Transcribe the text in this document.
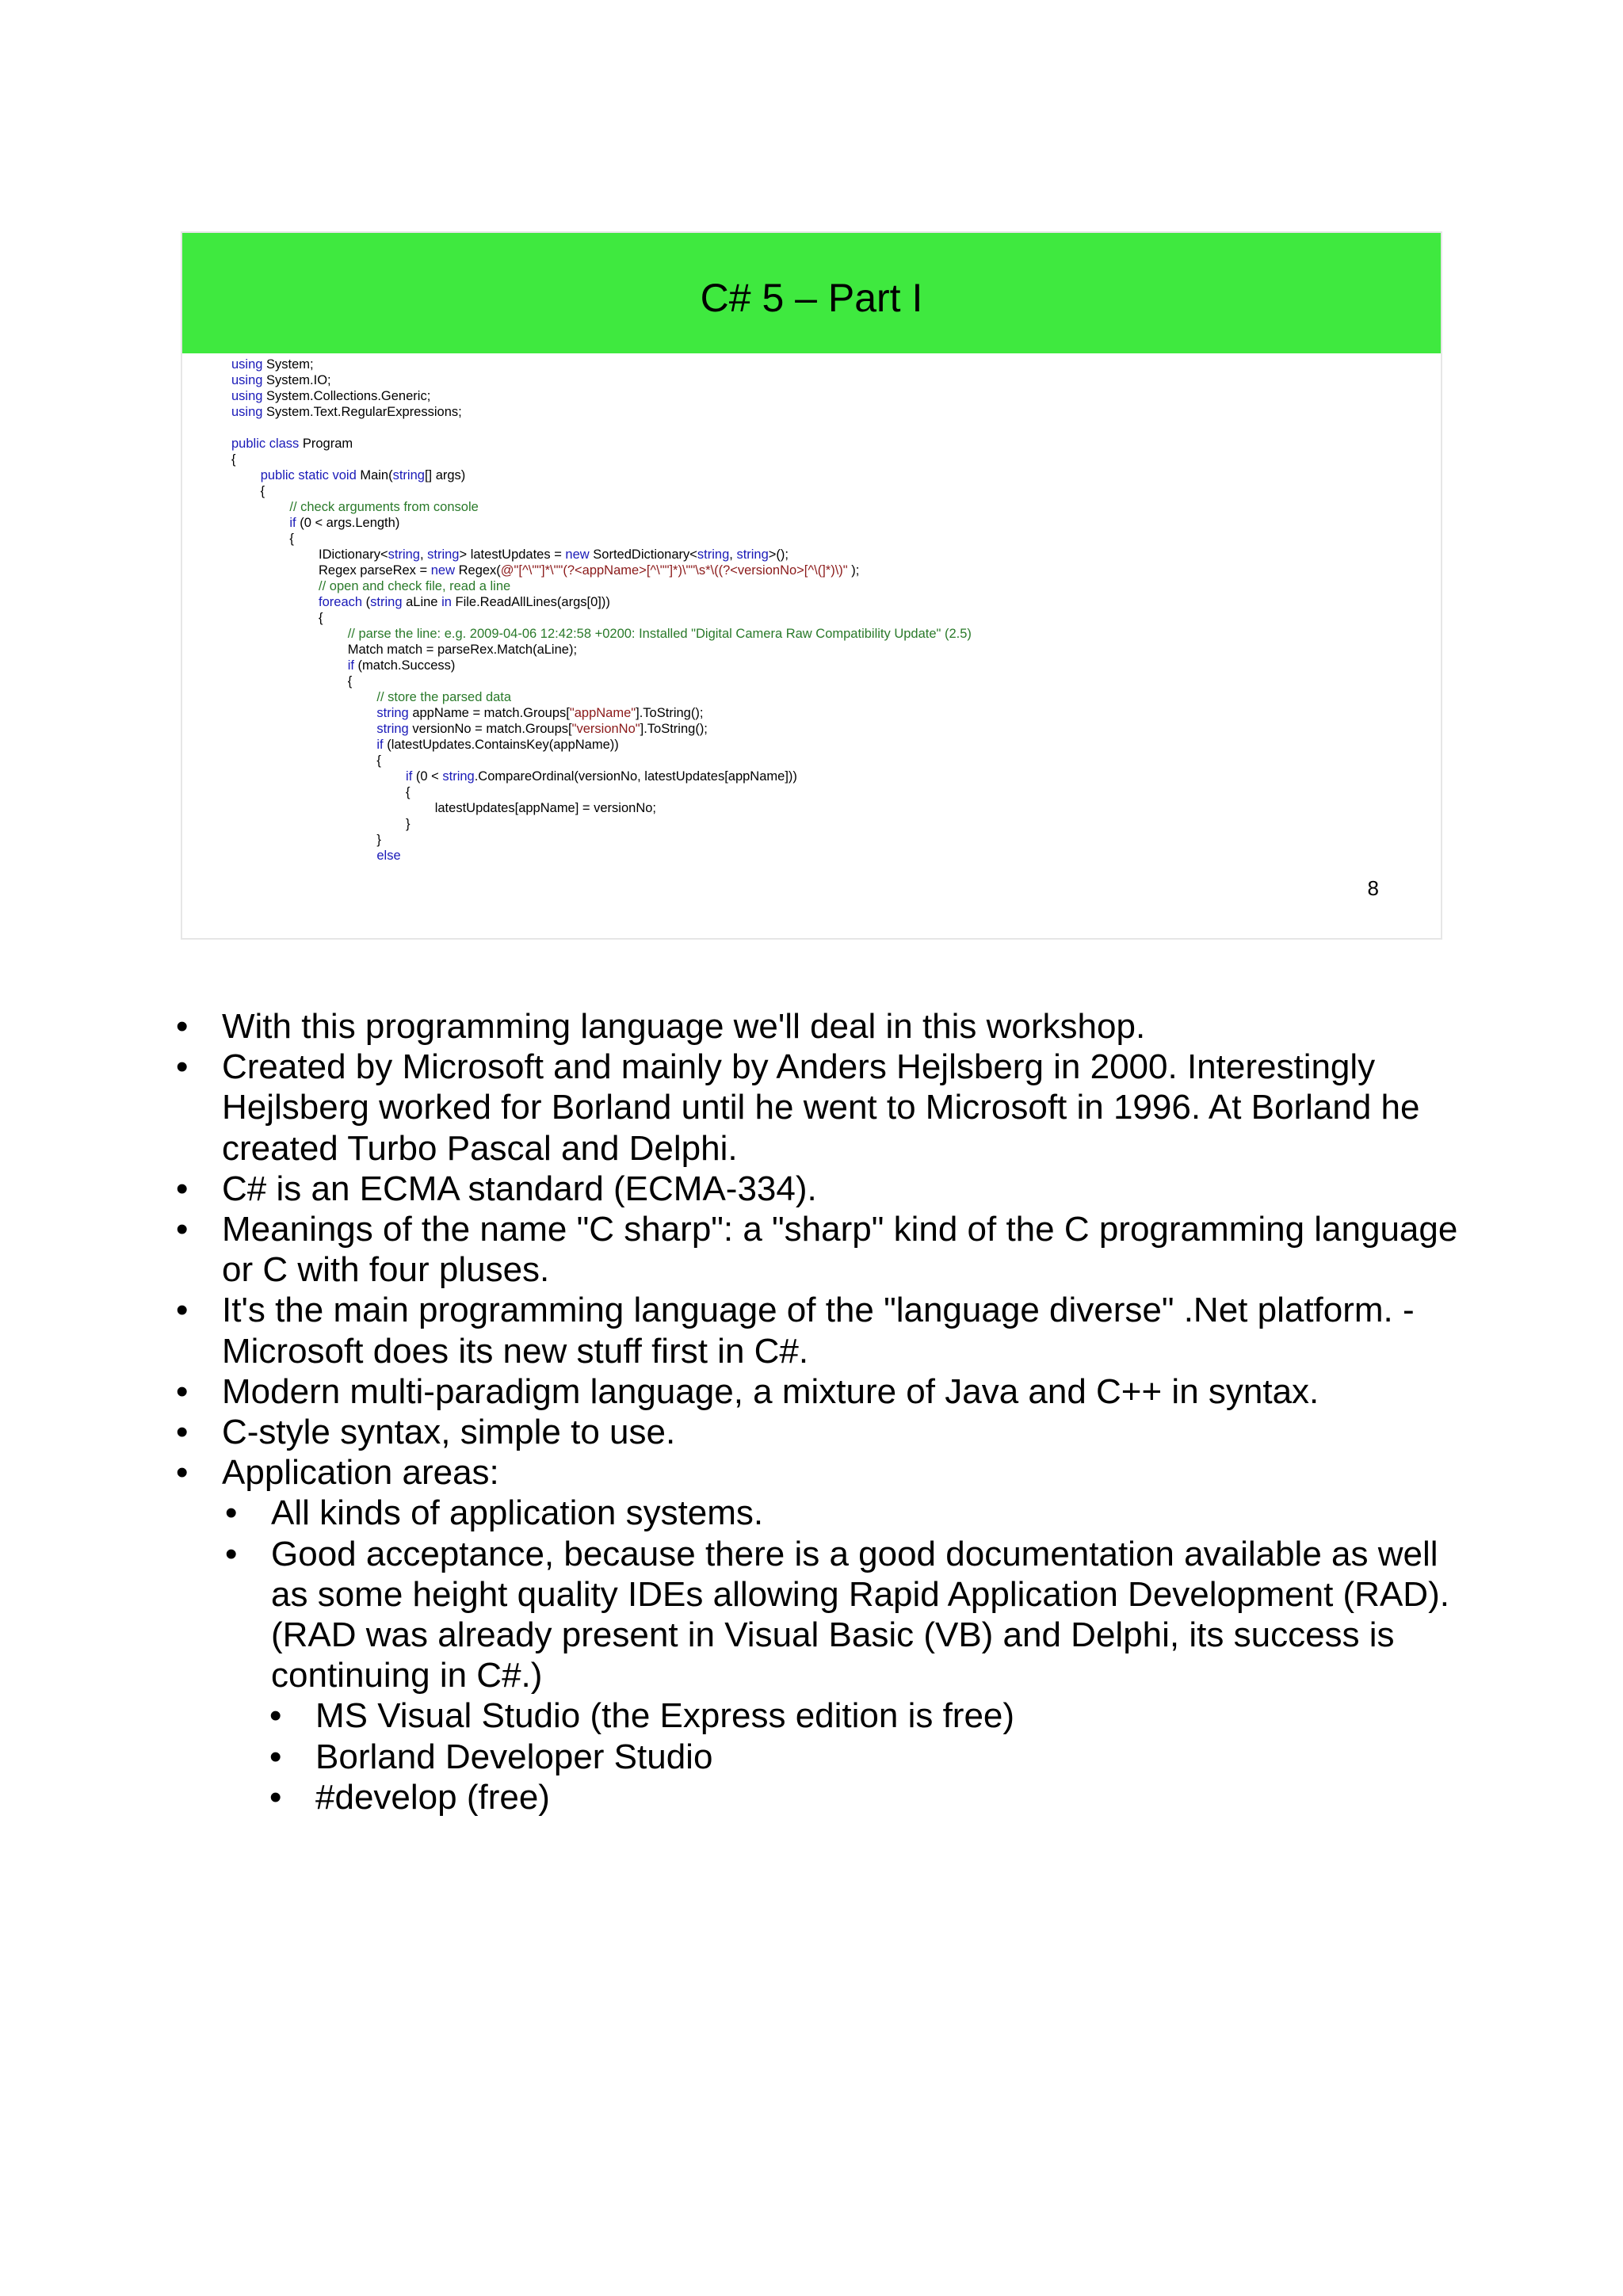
C# 5 – Part I
using System;
using System.IO;
using System.Collections.Generic;
using System.Text.RegularExpressions;
public class Program
{
public static void Main(string[] args)
{
// check arguments from console
if (0 < args.Length)
{
IDictionary<string, string> latestUpdates = new SortedDictionary<string, string>();
Regex parseRex = new Regex(@"[^\""]*\""(?<appName>[^\""]*)\""\s*\((?<versionNo>[^\(]*)\)" );
// open and check file, read a line
foreach (string aLine in File.ReadAllLines(args[0]))
{
// parse the line: e.g. 2009-04-06 12:42:58 +0200: Installed "Digital Camera Raw Compatibility Update" (2.5)
Match match = parseRex.Match(aLine);
if (match.Success)
{
// store the parsed data
string appName = match.Groups["appName"].ToString();
string versionNo = match.Groups["versionNo"].ToString();
if (latestUpdates.ContainsKey(appName))
{
if (0 < string.CompareOrdinal(versionNo, latestUpdates[appName]))
{
latestUpdates[appName] = versionNo;
}
}
else
8
• With this programming language we'll deal in this workshop.
• Created by Microsoft and mainly by Anders Hejlsberg in 2000. Interestingly Hejlsberg worked for Borland until he went to Microsoft in 1996. At Borland he created Turbo Pascal and Delphi.
• C# is an ECMA standard (ECMA-334).
• Meanings of the name "C sharp": a "sharp" kind of the C programming language or C with four pluses.
• It's the main programming language of the "language diverse" .Net platform. - Microsoft does its new stuff first in C#.
• Modern multi-paradigm language, a mixture of Java and C++ in syntax.
• C-style syntax, simple to use.
• Application areas:
• All kinds of application systems.
• Good acceptance, because there is a good documentation available as well as some height quality IDEs allowing Rapid Application Development (RAD). (RAD was already present in Visual Basic (VB) and Delphi, its success is continuing in C#.)
• MS Visual Studio (the Express edition is free)
• Borland Developer Studio
• #develop (free)
